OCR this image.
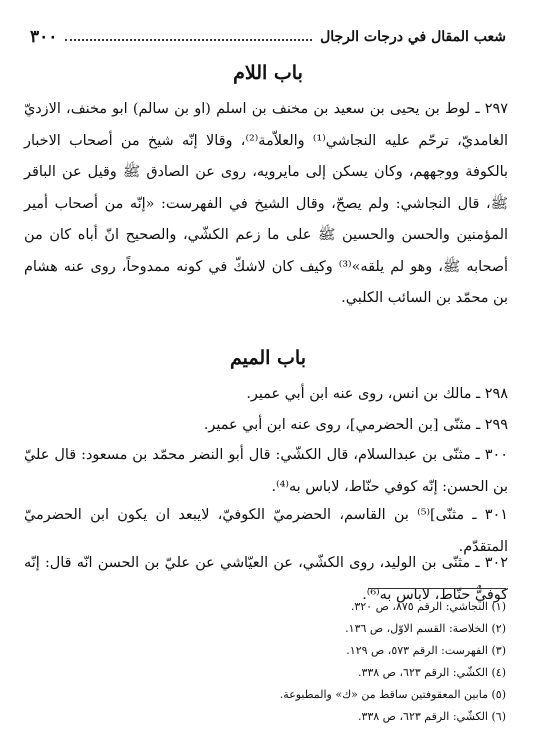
٣٠٠	شعب المقال في درجات الرجال
باب اللام
٢٩٧ ـ لوط بن يحيى بن سعيد بن مخنف بن اسلم (او بن سالم) ابو مخنف، الازديّ الغامديّ، ترحّم عليه النجاشي⁽¹⁾ والعلاّمة⁽²⁾، وقالا إنّه شيخ من أصحاب الاخبار بالكوفة ووجههم، وكان يسكن إلى مايرويه، روى عن الصادق ﷺ وقيل عن الباقر ﷺ، قال النجاشي: ولم يصحّ، وقال الشيخ في الفهرست: «إنّه من أصحاب أمير المؤمنين والحسن والحسين ﷺ على ما زعم الكشّي، والصحيح انّ أباه كان من أصحابه ﷺ، وهو لم يلقه»⁽³⁾ وكيف كان لاشكّ في كونه ممدوحاً، روى عنه هشام بن محمّد بن السائب الكلبي.
باب الميم
٢٩٨ ـ مالك بن انس، روى عنه ابن أبي عمير.
٢٩٩ ـ مثنّى [بن الحضرمي]، روى عنه ابن أبي عمير.
٣٠٠ ـ مثنّى بن عبدالسلام، قال الكشّي: قال أبو النضر محمّد بن مسعود: قال عليّ بن الحسن: إنّه كوفي حنّاط، لاباس به⁽⁴⁾.
٣٠١ ـ مثنّى]⁽⁵⁾ بن القاسم، الحضرميّ الكوفيّ، لايبعد ان يكون ابن الحضرميّ المتقدّم.
٣٠٢ ـ مثنّى بن الوليد، روى الكشّي، عن العيّاشي عن عليّ بن الحسن انّه قال: إنّه كوفيٌّ حنّاط، لاباس به⁽⁶⁾.
(١) النجاشي: الرقم ٨٧٥، ص ٣٢٠.
(٢) الخلاصة: القسم الاوّل، ص ١٣٦.
(٣) الفهرست: الرقم ٥٧٣، ص ١٢٩.
(٤) الكشّي: الرقم ٦٢٣، ص ٣٣٨.
(٥) مابين المعقوفتين ساقط من «ك» والمطبوعة.
(٦) الكشّي: الرقم ٦٢٣، ص ٣٣٨.
